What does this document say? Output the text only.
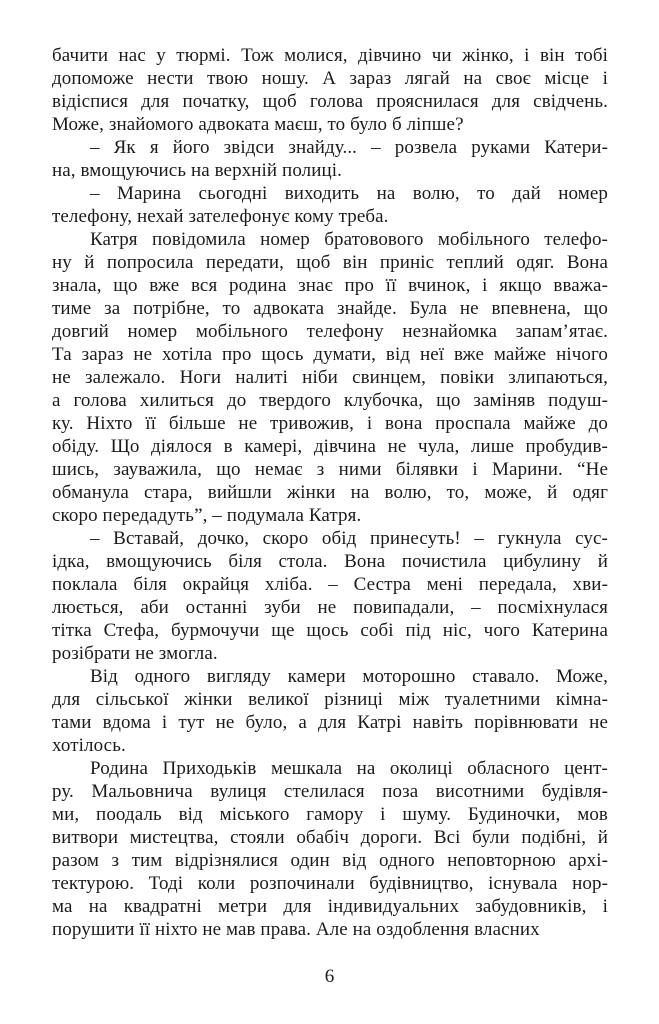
бачити нас у тюрмі. Тож молися, дівчино чи жінко, і він тобі
допоможе нести твою ношу. А зараз лягай на своє місце і
відіспися для початку, щоб голова прояснилася для свідчень.
Може, знайомого адвоката маєш, то було б ліпше?
– Як я його звідси знайду... – розвела руками Катери-
на, вмощуючись на верхній полиці.
– Марина сьогодні виходить на волю, то дай номер
телефону, нехай зателефонує кому треба.
Катря повідомила номер братовового мобільного телефо-
ну й попросила передати, щоб він приніс теплий одяг. Вона
знала, що вже вся родина знає про її вчинок, і якщо вважа-
тиме за потрібне, то адвоката знайде. Була не впевнена, що
довгий номер мобільного телефону незнайомка запам’ятає.
Та зараз не хотіла про щось думати, від неї вже майже нічого
не залежало. Ноги налиті ніби свинцем, повіки злипаються,
а голова хилиться до твердого клубочка, що заміняв подуш-
ку. Ніхто її більше не тривожив, і вона проспала майже до
обіду. Що діялося в камері, дівчина не чула, лише пробудив-
шись, зауважила, що немає з ними білявки і Марини. “Не
обманула стара, вийшли жінки на волю, то, може, й одяг
скоро передадуть”, – подумала Катря.
– Вставай, дочко, скоро обід принесуть! – гукнула сус-
ідка, вмощуючись біля стола. Вона почистила цибулину й
поклала біля окрайця хліба. – Сестра мені передала, хви-
люється, аби останні зуби не повипадали, – посміхнулася
тітка Стефа, бурмочучи ще щось собі під ніс, чого Катерина
розібрати не змогла.
Від одного вигляду камери моторошно ставало. Може,
для сільської жінки великої різниці між туалетними кімна-
тами вдома і тут не було, а для Катрі навіть порівнювати не
хотілось.
Родина Приходьків мешкала на околиці обласного цент-
ру. Мальовнича вулиця стелилася поза висотними будівля-
ми, поодаль від міського гамору і шуму. Будиночки, мов
витвори мистецтва, стояли обабіч дороги. Всі були подібні, й
разом з тим відрізнялися один від одного неповторною архі-
тектурою. Тоді коли розпочинали будівництво, існувала нор-
ма на квадратні метри для індивидуальних забудовників, і
порушити її ніхто не мав права. Але на оздоблення власних
6
